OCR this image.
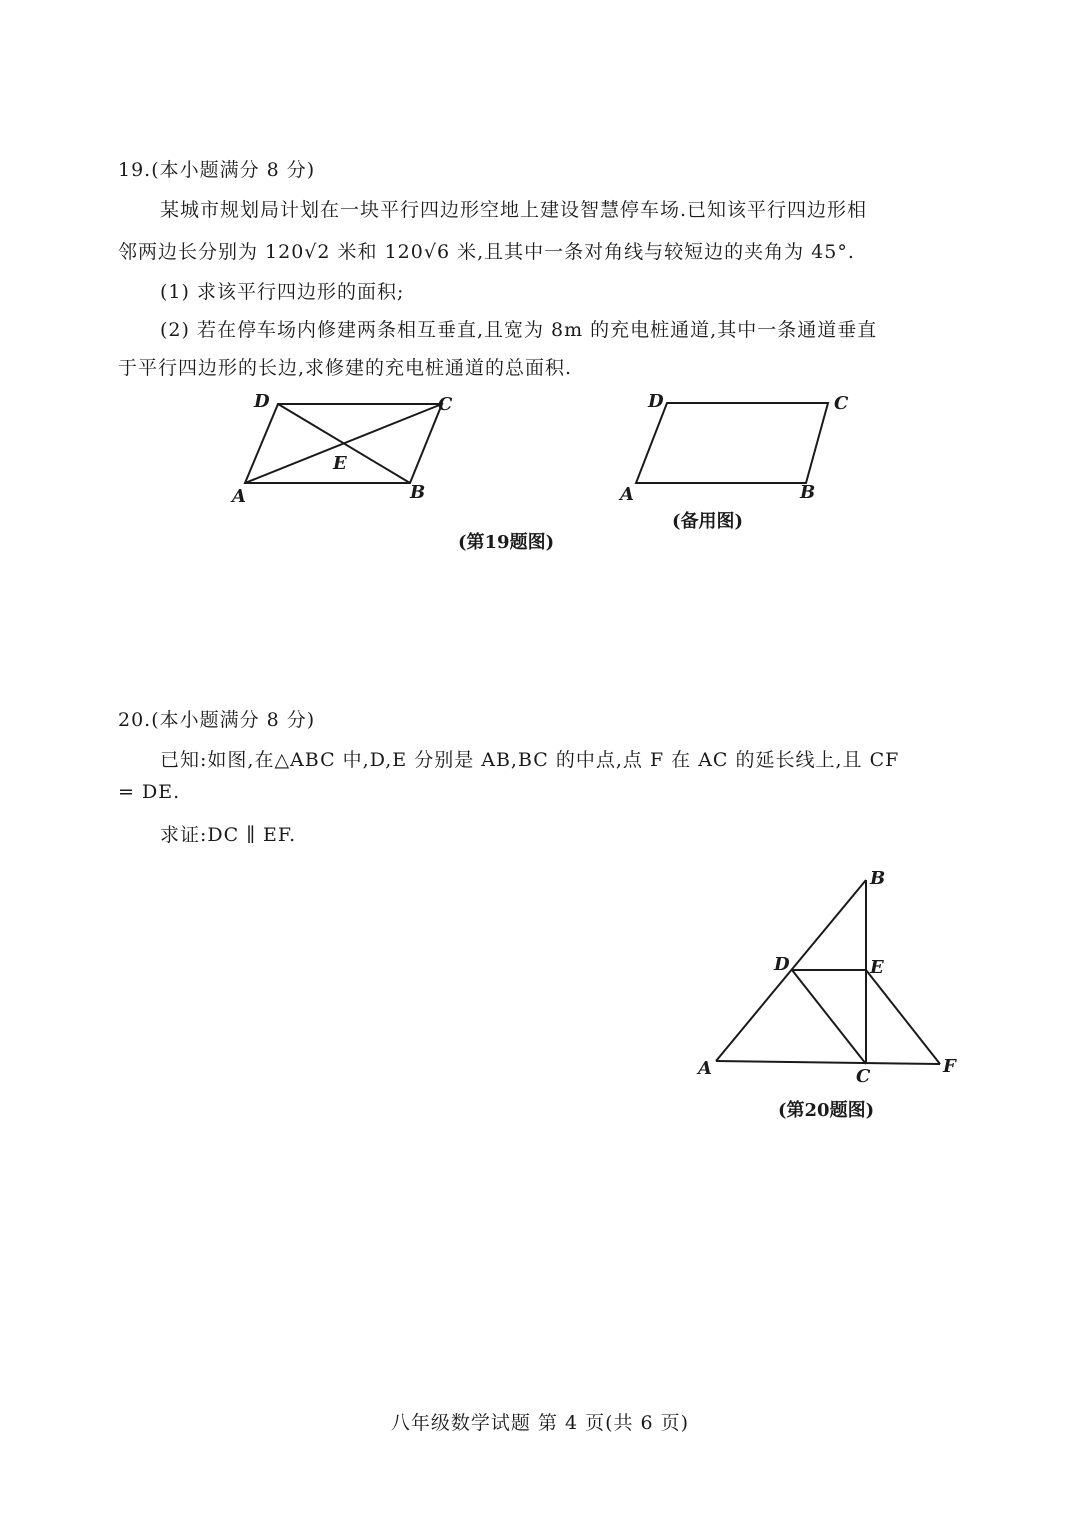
19.(本小题满分 8 分)
某城市规划局计划在一块平行四边形空地上建设智慧停车场.已知该平行四边形相
邻两边长分别为 120√2 米和 120√6 米,且其中一条对角线与较短边的夹角为 45°.
(1) 求该平行四边形的面积;
(2) 若在停车场内修建两条相互垂直,且宽为 8m 的充电桩通道,其中一条通道垂直
于平行四边形的长边,求修建的充电桩通道的总面积.
D	C
E
A	B
D	C
A	B
(备用图)
(第19题图)
20.(本小题满分 8 分)
已知:如图,在△ABC 中,D,E 分别是 AB,BC 的中点,点 F 在 AC 的延长线上,且 CF
= DE.
求证:DC ∥ EF.
B
D	E
A	C	F
(第20题图)
八年级数学试题 第 4 页(共 6 页)
